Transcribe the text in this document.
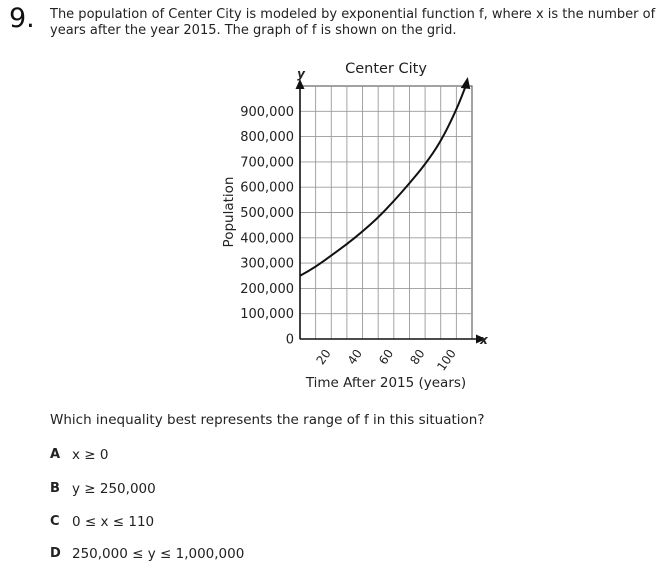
9. The population of Center City is modeled by exponential function f, where x is the number of
years after the year 2015. The graph of f is shown on the grid.
0
100,000
200,000
300,000
400,000
500,000
600,000
700,000
800,000
900,000
20 40 60 80 100
y
x
Center City
Time After 2015 (years)
Population
Which inequality best represents the range of f in this situation?
A x ≥ 0
B y ≥ 250,000
C 0 ≤ x ≤ 110
D 250,000 ≤ y ≤ 1,000,000
